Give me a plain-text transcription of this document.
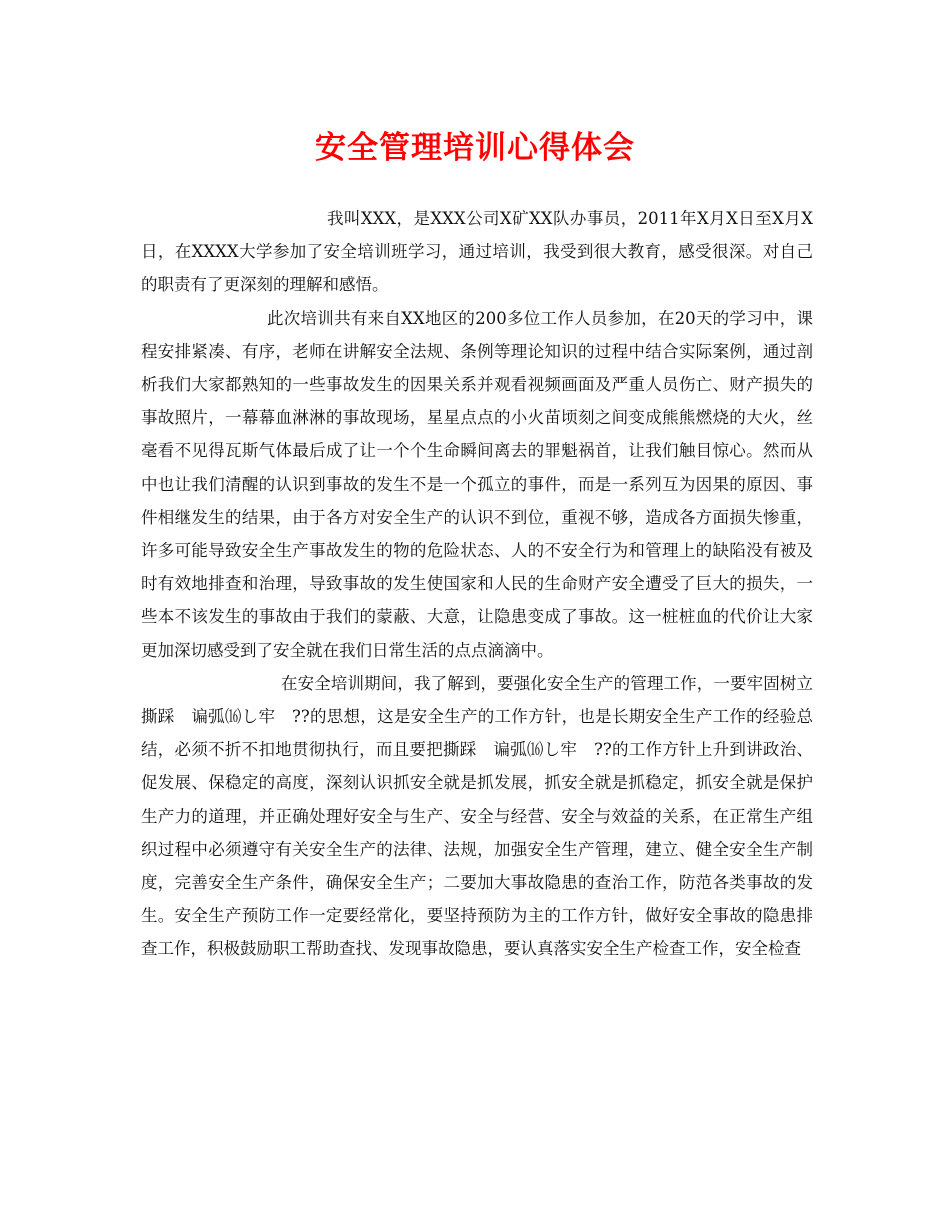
安全管理培训心得体会

我叫XXX，是XXX公司X矿XX队办事员，2011年X月X日至X月X日，在XXXX大学参加了安全培训班学习，通过培训，我受到很大教育，感受很深。对自己的职责有了更深刻的理解和感悟。

此次培训共有来自XX地区的200多位工作人员参加，在20天的学习中，课程安排紧凑、有序，老师在讲解安全法规、条例等理论知识的过程中结合实际案例，通过剖析我们大家都熟知的一些事故发生的因果关系并观看视频画面及严重人员伤亡、财产损失的事故照片，一幕幕血淋淋的事故现场，星星点点的小火苗顷刻之间变成熊熊燃烧的大火，丝毫看不见得瓦斯气体最后成了让一个个生命瞬间离去的罪魁祸首，让我们触目惊心。然而从中也让我们清醒的认识到事故的发生不是一个孤立的事件，而是一系列互为因果的原因、事件相继发生的结果，由于各方对安全生产的认识不到位，重视不够，造成各方面损失惨重，许多可能导致安全生产事故发生的物的危险状态、人的不安全行为和管理上的缺陷没有被及时有效地排查和治理，导致事故的发生使国家和人民的生命财产安全遭受了巨大的损失，一些本不该发生的事故由于我们的蒙蔽、大意，让隐患变成了事故。这一桩桩血的代价让大家更加深切感受到了安全就在我们日常生活的点点滴滴中。

在安全培训期间，我了解到，要强化安全生产的管理工作，一要牢固树立撕踩　谝弧⒃し牢　??的思想，这是安全生产的工作方针，也是长期安全生产工作的经验总结，必须不折不扣地贯彻执行，而且要把撕踩　谝弧⒃し牢　??的工作方针上升到讲政治、促发展、保稳定的高度，深刻认识抓安全就是抓发展，抓安全就是抓稳定，抓安全就是保护生产力的道理，并正确处理好安全与生产、安全与经营、安全与效益的关系，在正常生产组织过程中必须遵守有关安全生产的法律、法规，加强安全生产管理，建立、健全安全生产制度，完善安全生产条件，确保安全生产；二要加大事故隐患的查治工作，防范各类事故的发生。安全生产预防工作一定要经常化，要坚持预防为主的工作方针，做好安全事故的隐患排查工作，积极鼓励职工帮助查找、发现事故隐患，要认真落实安全生产检查工作，安全检查
